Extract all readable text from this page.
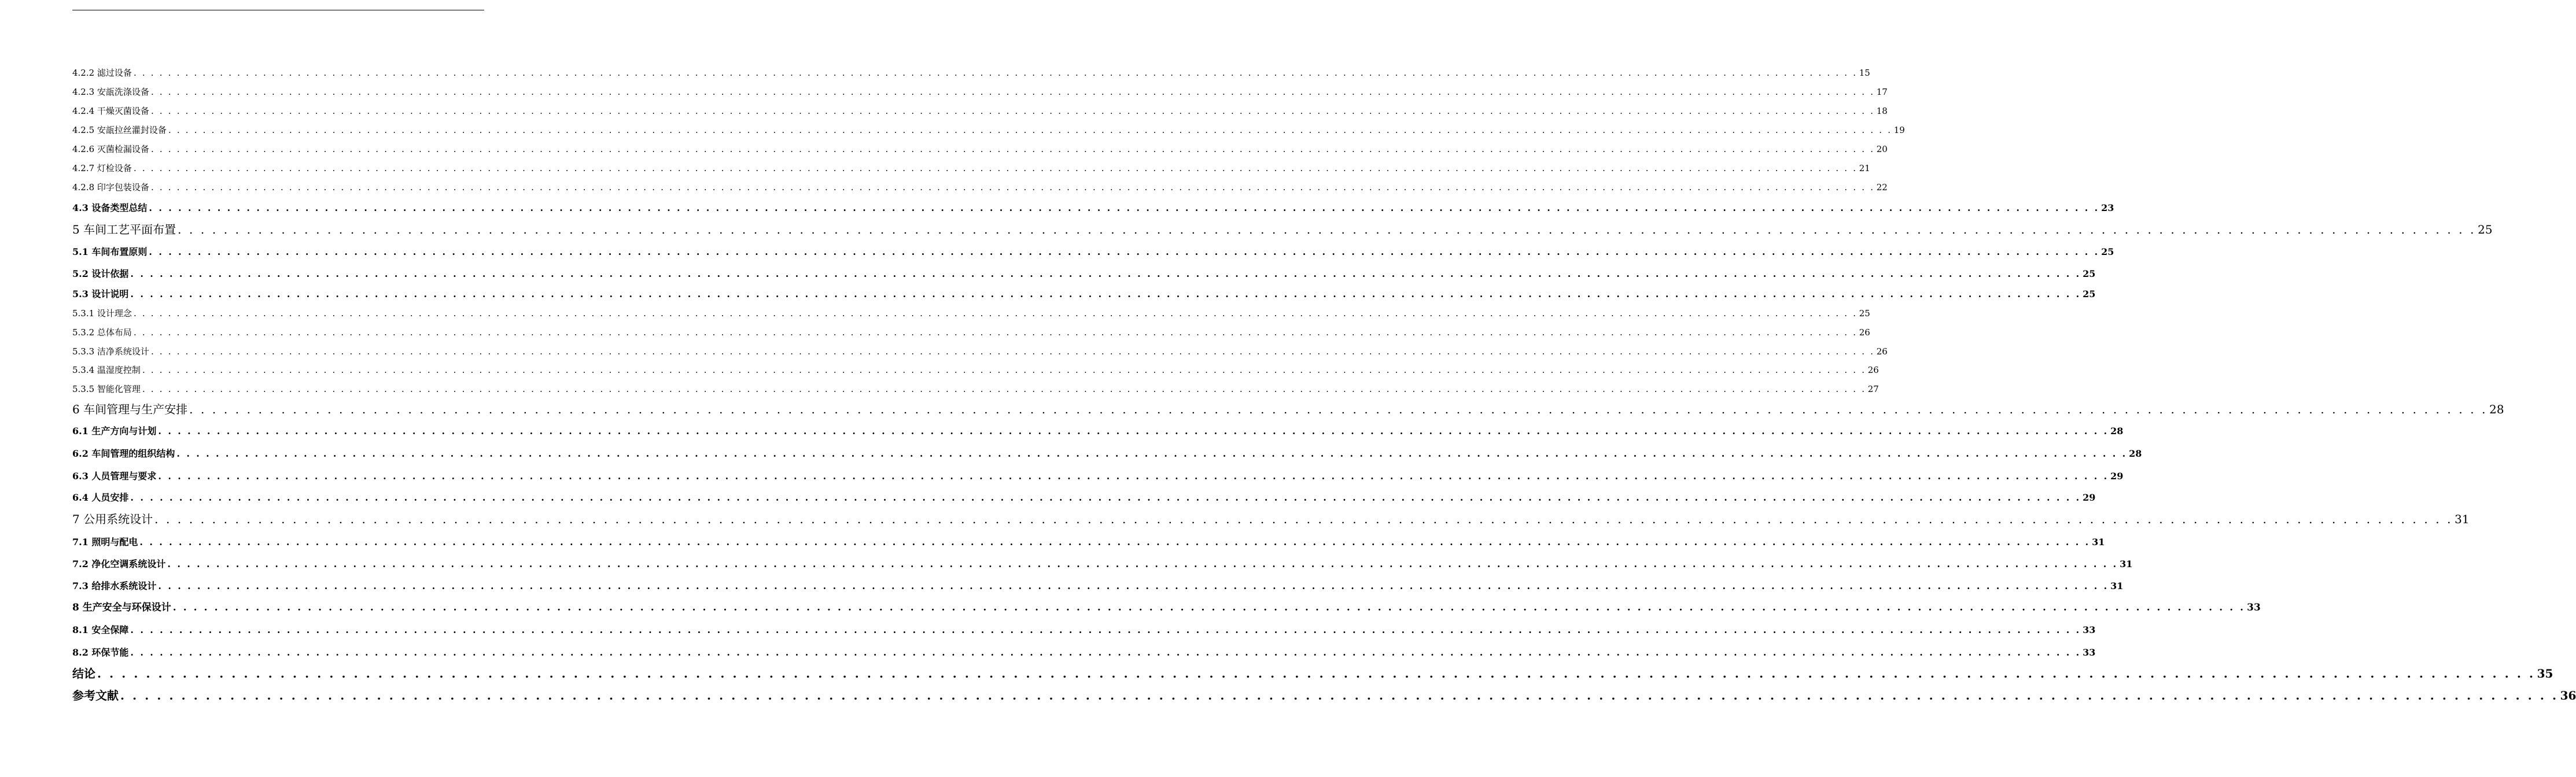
4.2.2 滤过设备 . . . . . . . . . . . . . . . . . . . . . . . . . . . . . . . . . . . . . . . . . . . . . . . . . . . . . . . . . . . . . . . . . . . . . . . . . . . . . . . . . . . . . . . . . . . . . . . . . . . . . . . . . . . . . . . . . . . . . . . . . . . . . . . . . . . . . . . . . . . . . . . . . . . . . . . . . . . . . . . . . . . . . . . . . . . . . . . . . . . . . . . . . . . . . . . . . . . . . . . . 15
4.2.3 安瓿洗涤设备 . . . . . . . . . . . . . . . . . . . . . . . . . . . . . . . . . . . . . . . . . . . . . . . . . . . . . . . . . . . . . . . . . . . . . . . . . . . . . . . . . . . . . . . . . . . . . . . . . . . . . . . . . . . . . . . . . . . . . . . . . . . . . . . . . . . . . . . . . . . . . . . . . . . . . . . . . . . . . . . . . . . . . . . . . . . . . . . . . . . . . . . . . . . . . . . . . . . . . . . . 17
4.2.4 干燥灭菌设备 . . . . . . . . . . . . . . . . . . . . . . . . . . . . . . . . . . . . . . . . . . . . . . . . . . . . . . . . . . . . . . . . . . . . . . . . . . . . . . . . . . . . . . . . . . . . . . . . . . . . . . . . . . . . . . . . . . . . . . . . . . . . . . . . . . . . . . . . . . . . . . . . . . . . . . . . . . . . . . . . . . . . . . . . . . . . . . . . . . . . . . . . . . . . . . . . . . . . . . . . 18
4.2.5 安瓿拉丝灌封设备 . . . . . . . . . . . . . . . . . . . . . . . . . . . . . . . . . . . . . . . . . . . . . . . . . . . . . . . . . . . . . . . . . . . . . . . . . . . . . . . . . . . . . . . . . . . . . . . . . . . . . . . . . . . . . . . . . . . . . . . . . . . . . . . . . . . . . . . . . . . . . . . . . . . . . . . . . . . . . . . . . . . . . . . . . . . . . . . . . . . . . . . . . . . . . . . . . . . . . . . . 19
4.2.6 灭菌检漏设备 . . . . . . . . . . . . . . . . . . . . . . . . . . . . . . . . . . . . . . . . . . . . . . . . . . . . . . . . . . . . . . . . . . . . . . . . . . . . . . . . . . . . . . . . . . . . . . . . . . . . . . . . . . . . . . . . . . . . . . . . . . . . . . . . . . . . . . . . . . . . . . . . . . . . . . . . . . . . . . . . . . . . . . . . . . . . . . . . . . . . . . . . . . . . . . . . . . . . . . . . 20
4.2.7 灯检设备 . . . . . . . . . . . . . . . . . . . . . . . . . . . . . . . . . . . . . . . . . . . . . . . . . . . . . . . . . . . . . . . . . . . . . . . . . . . . . . . . . . . . . . . . . . . . . . . . . . . . . . . . . . . . . . . . . . . . . . . . . . . . . . . . . . . . . . . . . . . . . . . . . . . . . . . . . . . . . . . . . . . . . . . . . . . . . . . . . . . . . . . . . . . . . . . . . . . . . . . . 21
4.2.8 印字包装设备 . . . . . . . . . . . . . . . . . . . . . . . . . . . . . . . . . . . . . . . . . . . . . . . . . . . . . . . . . . . . . . . . . . . . . . . . . . . . . . . . . . . . . . . . . . . . . . . . . . . . . . . . . . . . . . . . . . . . . . . . . . . . . . . . . . . . . . . . . . . . . . . . . . . . . . . . . . . . . . . . . . . . . . . . . . . . . . . . . . . . . . . . . . . . . . . . . . . . . . . . 22
4.3 设备类型总结 . . . . . . . . . . . . . . . . . . . . . . . . . . . . . . . . . . . . . . . . . . . . . . . . . . . . . . . . . . . . . . . . . . . . . . . . . . . . . . . . . . . . . . . . . . . . . . . . . . . . . . . . . . . . . . . . . . . . . . . . . . . . . . . . . . . . . . . . . . . . . . . . . . . . . . . . . . . . . . . . . . . . . . . . . . . . . . . . . . . . . . . . . . . . . . . . . . . . . . . . 23
5 车间工艺平面布置 . . . . . . . . . . . . . . . . . . . . . . . . . . . . . . . . . . . . . . . . . . . . . . . . . . . . . . . . . . . . . . . . . . . . . . . . . . . . . . . . . . . . . . . . . . . . . . . . . . . . . . . . . . . . . . . . . . . . . . . . . . . . . . . . . . . . . . . . . . . . . . . . . . . . . . . . . . . . . . . . . . . . . . . . . . . . . . . . . . . . . . . . . . . . . . . . . . . . . . . . 25
5.1 车间布置原则 . . . . . . . . . . . . . . . . . . . . . . . . . . . . . . . . . . . . . . . . . . . . . . . . . . . . . . . . . . . . . . . . . . . . . . . . . . . . . . . . . . . . . . . . . . . . . . . . . . . . . . . . . . . . . . . . . . . . . . . . . . . . . . . . . . . . . . . . . . . . . . . . . . . . . . . . . . . . . . . . . . . . . . . . . . . . . . . . . . . . . . . . . . . . . . . . . . . . . . . . 25
5.2 设计依据 . . . . . . . . . . . . . . . . . . . . . . . . . . . . . . . . . . . . . . . . . . . . . . . . . . . . . . . . . . . . . . . . . . . . . . . . . . . . . . . . . . . . . . . . . . . . . . . . . . . . . . . . . . . . . . . . . . . . . . . . . . . . . . . . . . . . . . . . . . . . . . . . . . . . . . . . . . . . . . . . . . . . . . . . . . . . . . . . . . . . . . . . . . . . . . . . . . . . . . . . 25
5.3 设计说明 . . . . . . . . . . . . . . . . . . . . . . . . . . . . . . . . . . . . . . . . . . . . . . . . . . . . . . . . . . . . . . . . . . . . . . . . . . . . . . . . . . . . . . . . . . . . . . . . . . . . . . . . . . . . . . . . . . . . . . . . . . . . . . . . . . . . . . . . . . . . . . . . . . . . . . . . . . . . . . . . . . . . . . . . . . . . . . . . . . . . . . . . . . . . . . . . . . . . . . . . 25
5.3.1 设计理念 . . . . . . . . . . . . . . . . . . . . . . . . . . . . . . . . . . . . . . . . . . . . . . . . . . . . . . . . . . . . . . . . . . . . . . . . . . . . . . . . . . . . . . . . . . . . . . . . . . . . . . . . . . . . . . . . . . . . . . . . . . . . . . . . . . . . . . . . . . . . . . . . . . . . . . . . . . . . . . . . . . . . . . . . . . . . . . . . . . . . . . . . . . . . . . . . . . . . . . . . 25
5.3.2 总体布局 . . . . . . . . . . . . . . . . . . . . . . . . . . . . . . . . . . . . . . . . . . . . . . . . . . . . . . . . . . . . . . . . . . . . . . . . . . . . . . . . . . . . . . . . . . . . . . . . . . . . . . . . . . . . . . . . . . . . . . . . . . . . . . . . . . . . . . . . . . . . . . . . . . . . . . . . . . . . . . . . . . . . . . . . . . . . . . . . . . . . . . . . . . . . . . . . . . . . . . . . 26
5.3.3 洁净系统设计 . . . . . . . . . . . . . . . . . . . . . . . . . . . . . . . . . . . . . . . . . . . . . . . . . . . . . . . . . . . . . . . . . . . . . . . . . . . . . . . . . . . . . . . . . . . . . . . . . . . . . . . . . . . . . . . . . . . . . . . . . . . . . . . . . . . . . . . . . . . . . . . . . . . . . . . . . . . . . . . . . . . . . . . . . . . . . . . . . . . . . . . . . . . . . . . . . . . . . . . . 26
5.3.4 温湿度控制 . . . . . . . . . . . . . . . . . . . . . . . . . . . . . . . . . . . . . . . . . . . . . . . . . . . . . . . . . . . . . . . . . . . . . . . . . . . . . . . . . . . . . . . . . . . . . . . . . . . . . . . . . . . . . . . . . . . . . . . . . . . . . . . . . . . . . . . . . . . . . . . . . . . . . . . . . . . . . . . . . . . . . . . . . . . . . . . . . . . . . . . . . . . . . . . . . . . . . . . . 26
5.3.5 智能化管理 . . . . . . . . . . . . . . . . . . . . . . . . . . . . . . . . . . . . . . . . . . . . . . . . . . . . . . . . . . . . . . . . . . . . . . . . . . . . . . . . . . . . . . . . . . . . . . . . . . . . . . . . . . . . . . . . . . . . . . . . . . . . . . . . . . . . . . . . . . . . . . . . . . . . . . . . . . . . . . . . . . . . . . . . . . . . . . . . . . . . . . . . . . . . . . . . . . . . . . . . 27
6 车间管理与生产安排 . . . . . . . . . . . . . . . . . . . . . . . . . . . . . . . . . . . . . . . . . . . . . . . . . . . . . . . . . . . . . . . . . . . . . . . . . . . . . . . . . . . . . . . . . . . . . . . . . . . . . . . . . . . . . . . . . . . . . . . . . . . . . . . . . . . . . . . . . . . . . . . . . . . . . . . . . . . . . . . . . . . . . . . . . . . . . . . . . . . . . . . . . . . . . . . . . . . . . . . . 28
6.1 生产方向与计划 . . . . . . . . . . . . . . . . . . . . . . . . . . . . . . . . . . . . . . . . . . . . . . . . . . . . . . . . . . . . . . . . . . . . . . . . . . . . . . . . . . . . . . . . . . . . . . . . . . . . . . . . . . . . . . . . . . . . . . . . . . . . . . . . . . . . . . . . . . . . . . . . . . . . . . . . . . . . . . . . . . . . . . . . . . . . . . . . . . . . . . . . . . . . . . . . . . . . . . . . 28
6.2 车间管理的组织结构 . . . . . . . . . . . . . . . . . . . . . . . . . . . . . . . . . . . . . . . . . . . . . . . . . . . . . . . . . . . . . . . . . . . . . . . . . . . . . . . . . . . . . . . . . . . . . . . . . . . . . . . . . . . . . . . . . . . . . . . . . . . . . . . . . . . . . . . . . . . . . . . . . . . . . . . . . . . . . . . . . . . . . . . . . . . . . . . . . . . . . . . . . . . . . . . . . . . . . . . . 28
6.3 人员管理与要求 . . . . . . . . . . . . . . . . . . . . . . . . . . . . . . . . . . . . . . . . . . . . . . . . . . . . . . . . . . . . . . . . . . . . . . . . . . . . . . . . . . . . . . . . . . . . . . . . . . . . . . . . . . . . . . . . . . . . . . . . . . . . . . . . . . . . . . . . . . . . . . . . . . . . . . . . . . . . . . . . . . . . . . . . . . . . . . . . . . . . . . . . . . . . . . . . . . . . . . . . 29
6.4 人员安排 . . . . . . . . . . . . . . . . . . . . . . . . . . . . . . . . . . . . . . . . . . . . . . . . . . . . . . . . . . . . . . . . . . . . . . . . . . . . . . . . . . . . . . . . . . . . . . . . . . . . . . . . . . . . . . . . . . . . . . . . . . . . . . . . . . . . . . . . . . . . . . . . . . . . . . . . . . . . . . . . . . . . . . . . . . . . . . . . . . . . . . . . . . . . . . . . . . . . . . . . 29
7 公用系统设计 . . . . . . . . . . . . . . . . . . . . . . . . . . . . . . . . . . . . . . . . . . . . . . . . . . . . . . . . . . . . . . . . . . . . . . . . . . . . . . . . . . . . . . . . . . . . . . . . . . . . . . . . . . . . . . . . . . . . . . . . . . . . . . . . . . . . . . . . . . . . . . . . . . . . . . . . . . . . . . . . . . . . . . . . . . . . . . . . . . . . . . . . . . . . . . . . . . . . . . . . 31
7.1 照明与配电 . . . . . . . . . . . . . . . . . . . . . . . . . . . . . . . . . . . . . . . . . . . . . . . . . . . . . . . . . . . . . . . . . . . . . . . . . . . . . . . . . . . . . . . . . . . . . . . . . . . . . . . . . . . . . . . . . . . . . . . . . . . . . . . . . . . . . . . . . . . . . . . . . . . . . . . . . . . . . . . . . . . . . . . . . . . . . . . . . . . . . . . . . . . . . . . . . . . . . . . . 31
7.2 净化空调系统设计 . . . . . . . . . . . . . . . . . . . . . . . . . . . . . . . . . . . . . . . . . . . . . . . . . . . . . . . . . . . . . . . . . . . . . . . . . . . . . . . . . . . . . . . . . . . . . . . . . . . . . . . . . . . . . . . . . . . . . . . . . . . . . . . . . . . . . . . . . . . . . . . . . . . . . . . . . . . . . . . . . . . . . . . . . . . . . . . . . . . . . . . . . . . . . . . . . . . . . . . . 31
7.3 给排水系统设计 . . . . . . . . . . . . . . . . . . . . . . . . . . . . . . . . . . . . . . . . . . . . . . . . . . . . . . . . . . . . . . . . . . . . . . . . . . . . . . . . . . . . . . . . . . . . . . . . . . . . . . . . . . . . . . . . . . . . . . . . . . . . . . . . . . . . . . . . . . . . . . . . . . . . . . . . . . . . . . . . . . . . . . . . . . . . . . . . . . . . . . . . . . . . . . . . . . . . . . . . 31
8 生产安全与环保设计 . . . . . . . . . . . . . . . . . . . . . . . . . . . . . . . . . . . . . . . . . . . . . . . . . . . . . . . . . . . . . . . . . . . . . . . . . . . . . . . . . . . . . . . . . . . . . . . . . . . . . . . . . . . . . . . . . . . . . . . . . . . . . . . . . . . . . . . . . . . . . . . . . . . . . . . . . . . . . . . . . . . . . . . . . . . . . . . . . . . . . . . . . . . . . . . . . . . . . . . . 33
8.1 安全保障 . . . . . . . . . . . . . . . . . . . . . . . . . . . . . . . . . . . . . . . . . . . . . . . . . . . . . . . . . . . . . . . . . . . . . . . . . . . . . . . . . . . . . . . . . . . . . . . . . . . . . . . . . . . . . . . . . . . . . . . . . . . . . . . . . . . . . . . . . . . . . . . . . . . . . . . . . . . . . . . . . . . . . . . . . . . . . . . . . . . . . . . . . . . . . . . . . . . . . . . . 33
8.2 环保节能 . . . . . . . . . . . . . . . . . . . . . . . . . . . . . . . . . . . . . . . . . . . . . . . . . . . . . . . . . . . . . . . . . . . . . . . . . . . . . . . . . . . . . . . . . . . . . . . . . . . . . . . . . . . . . . . . . . . . . . . . . . . . . . . . . . . . . . . . . . . . . . . . . . . . . . . . . . . . . . . . . . . . . . . . . . . . . . . . . . . . . . . . . . . . . . . . . . . . . . . . 33
结论 . . . . . . . . . . . . . . . . . . . . . . . . . . . . . . . . . . . . . . . . . . . . . . . . . . . . . . . . . . . . . . . . . . . . . . . . . . . . . . . . . . . . . . . . . . . . . . . . . . . . . . . . . . . . . . . . . . . . . . . . . . . . . . . . . . . . . . . . . . . . . . . . . . . . . . . . . . . . . . . . . . . . . . . . . . . . . . . . . . . . . . . . . . . . . . . . . . . . . . . . 35
参考文献 . . . . . . . . . . . . . . . . . . . . . . . . . . . . . . . . . . . . . . . . . . . . . . . . . . . . . . . . . . . . . . . . . . . . . . . . . . . . . . . . . . . . . . . . . . . . . . . . . . . . . . . . . . . . . . . . . . . . . . . . . . . . . . . . . . . . . . . . . . . . . . . . . . . . . . . . . . . . . . . . . . . . . . . . . . . . . . . . . . . . . . . . . . . . . . . . . . . . . . . . 36
